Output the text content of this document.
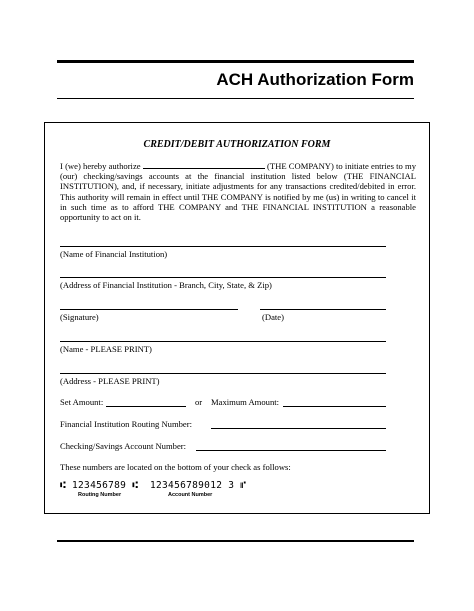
ACH Authorization Form
CREDIT/DEBIT AUTHORIZATION FORM
I (we) hereby authorize	(THE COMPANY) to initiate entries to my (our) checking/savings accounts at the financial institution listed below (THE FINANCIAL INSTITUTION), and, if necessary, initiate adjustments for any transactions credited/debited in error. This authority will remain in effect until THE COMPANY is notified by me (us) in writing to cancel it in such time as to afford THE COMPANY and THE FINANCIAL INSTITUTION a reasonable opportunity to act on it.
(Name of Financial Institution)
(Address of Financial Institution - Branch, City, State, & Zip)
(Signature)	(Date)
(Name - PLEASE PRINT)
(Address - PLEASE PRINT)
Set Amount:	or Maximum Amount:
Financial Institution Routing Number:
Checking/Savings Account Number:
These numbers are located on the bottom of your check as follows:
⑆ 123456789 ⑆ 123456789012 3 ⑈
Routing Number	Account Number
